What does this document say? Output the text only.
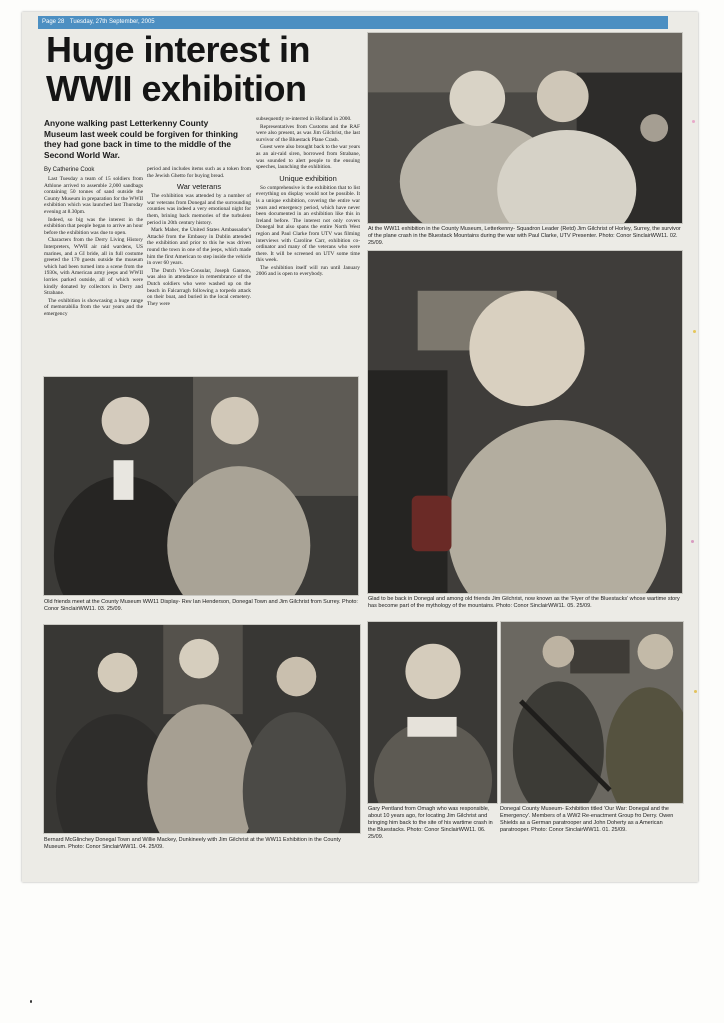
Page 28 Tuesday, 27th September, 2005
Huge interest in WWII exhibition

Anyone walking past Letterkenny County Museum last week could be forgiven for thinking they had gone back in time to the middle of the Second World War.

By Catherine Cook

Last Tuesday a team of 15 soldiers from Athlone arrived to assemble 2,000 sandbags containing 50 tonnes of sand outside the County Museum in preparation for the WWII exhibition which was launched last Thursday evening at 8.30pm.

Indeed, so big was the interest in the exhibition that people began to arrive an hour before the exhibition was due to open.

Characters from the Derry Living History Interpreters, WWII air raid wardens, US marines, and a GI bride, all in full costume greeted the 170 guests outside the museum which had been turned into a scene from the 1930s, with American army jeeps and WWII lorries parked outside, all of which were kindly donated by collectors in Derry and Strabane.

The exhibition is showcasing a huge range of memorabilia from the war years and the emergency

period and includes items such as a token from the Jewish Ghetto for buying bread.

War veterans

The exhibition was attended by a number of war veterans from Donegal and the surrounding counties was indeed a very emotional night for them, brining back memories of the turbulent period in 20th century history.

Mark Maher, the United States Ambassador's Attaché from the Embassy in Dublin attended the exhibition and prior to this he was driven round the town in one of the jeeps, which made him the first American to step inside the vehicle in over 60 years.

The Dutch Vice-Consular, Joseph Gannon, was also in attendance in remembrance of the Dutch soldiers who were washed up on the beach in Falcarragh following a torpedo attack on their boat, and buried in the local cemetery. They were

subsequently re-interred in Holland in 2000.

Representatives from Customs and the RAF were also present, as was Jim Gilchrist, the last survivor of the Bluestack Plane Crash.

Guest were also brought back to the war years as an air-raid siren, borrowed from Strabane, was sounded to alert people to the ensuing speeches, launching the exhibition.

Unique exhibition

So comprehensive is the exhibition that to list everything on display would not be possible. It is a unique exhibition, covering the entire war years and emergency period, which have never been documented in an exhibition like this in Ireland before. The interest not only covers Donegal but also spans the entire North West region and Paul Clarke from UTV was filming interviews with Caroline Carr, exhibition co-ordinator and many of the veterans who were there. It will be screened on UTV some time this week.

The exhibition itself will run until January 2006 and is open to everybody.

At the WW11 exhibition in the County Museum, Letterkenny- Squadron Leader (Retd) Jim Gilchrist of Horley, Surrey, the survivor of the plane crash in the Bluestack Mountains during the war with Paul Clarke, UTV Presenter. Photo: Conor SinclairWW11. 02. 25/09.

Old friends meet at the County Museum WW11 Display- Rev Ian Henderson, Donegal Town and Jim Gilchrist from Surrey. Photo: Conor SinclairWW11. 03. 25/09.

Glad to be back in Donegal and among old friends Jim Gilchrist, now known as the 'Flyer of the Bluestacks' whose wartime story has become part of the mythology of the mountains. Photo: Conor SinclairWW11. 05. 25/09.

Bernard McGlinchey Donegal Town and Willie Mackey, Dunkineely with Jim Gilchrist at the WW11 Exhibition in the County Museum. Photo: Conor SinclairWW11. 04. 25/09.

Gary Pentland from Omagh who was responsible, about 10 years ago, for locating Jim Gilchrist and bringing him back to the site of his wartime crash in the Bluestacks. Photo: Conor SinclairWW11. 06. 25/09.

Donegal County Museum- Exhibition titled 'Our War: Donegal and the Emergency'. Members of a WW2 Re-enactment Group fro Derry. Owen Shields as a German paratrooper and John Doherty as a American paratrooper. Photo: Conor SinclairWW11. 01. 25/09.
